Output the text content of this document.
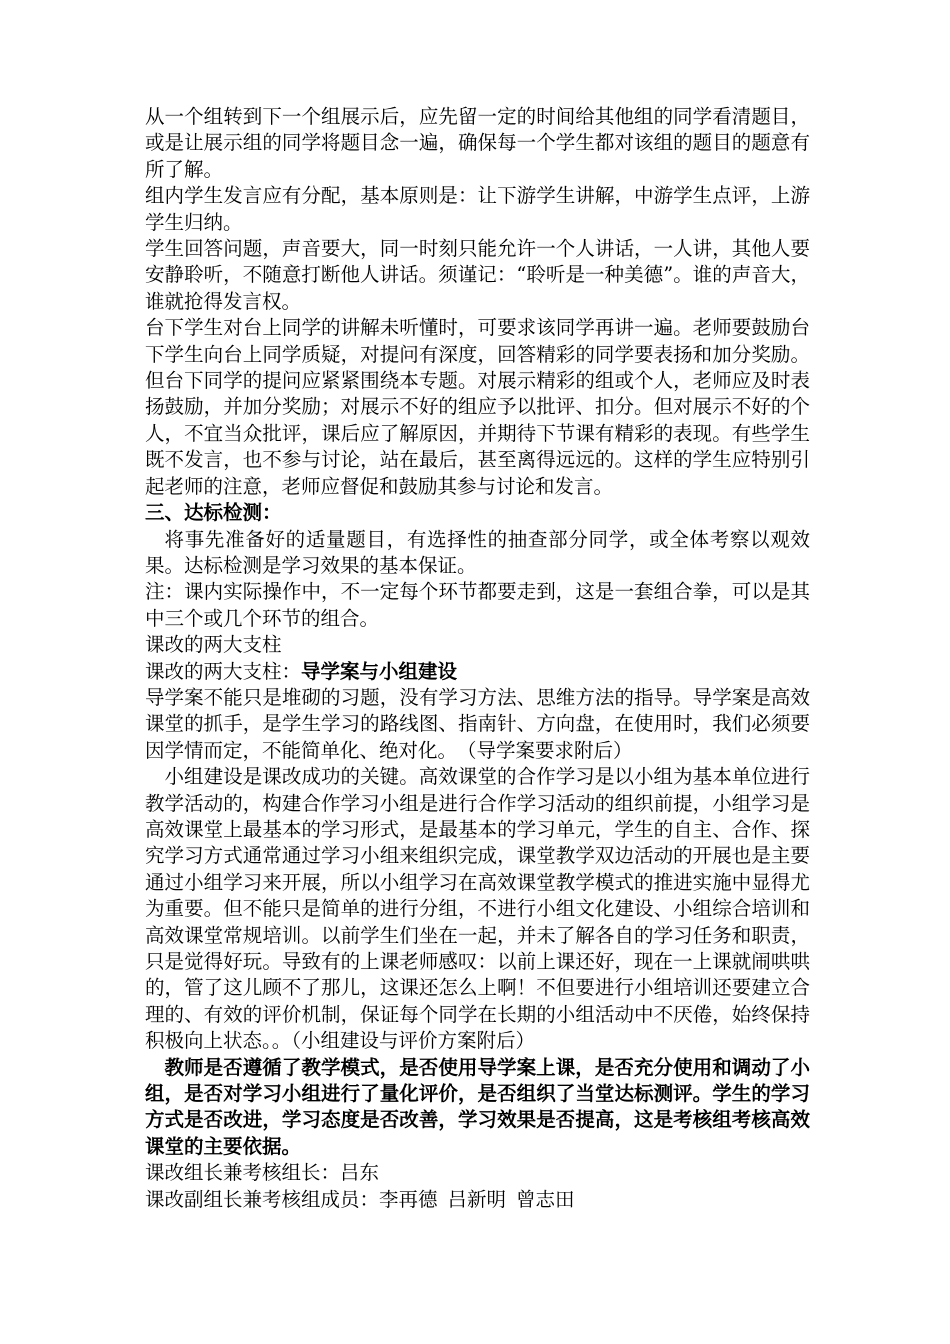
从一个组转到下一个组展示后，应先留一定的时间给其他组的同学看清题目，或是让展示组的同学将题目念一遍，确保每一个学生都对该组的题目的题意有所了解。

组内学生发言应有分配，基本原则是：让下游学生讲解，中游学生点评，上游学生归纳。

学生回答问题，声音要大，同一时刻只能允许一个人讲话，一人讲，其他人要安静聆听，不随意打断他人讲话。须谨记：“聆听是一种美德”。谁的声音大，谁就抢得发言权。

台下学生对台上同学的讲解未听懂时，可要求该同学再讲一遍。老师要鼓励台下学生向台上同学质疑，对提问有深度，回答精彩的同学要表扬和加分奖励。但台下同学的提问应紧紧围绕本专题。对展示精彩的组或个人，老师应及时表扬鼓励，并加分奖励；对展示不好的组应予以批评、扣分。但对展示不好的个人，不宜当众批评，课后应了解原因，并期待下节课有精彩的表现。有些学生既不发言，也不参与讨论，站在最后，甚至离得远远的。这样的学生应特别引起老师的注意，老师应督促和鼓励其参与讨论和发言。

三、达标检测：

将事先准备好的适量题目，有选择性的抽查部分同学，或全体考察以观效果。达标检测是学习效果的基本保证。

注：课内实际操作中，不一定每个环节都要走到，这是一套组合拳，可以是其中三个或几个环节的组合。

课改的两大支柱

课改的两大支柱：导学案与小组建设

导学案不能只是堆砌的习题，没有学习方法、思维方法的指导。导学案是高效课堂的抓手，是学生学习的路线图、指南针、方向盘，在使用时，我们必须要因学情而定，不能简单化、绝对化。　（导学案要求附后）

小组建设是课改成功的关键。高效课堂的合作学习是以小组为基本单位进行教学活动的，构建合作学习小组是进行合作学习活动的组织前提，小组学习是高效课堂上最基本的学习形式，是最基本的学习单元，学生的自主、合作、探究学习方式通常通过学习小组来组织完成，课堂教学双边活动的开展也是主要通过小组学习来开展，所以小组学习在高效课堂教学模式的推进实施中显得尤为重要。但不能只是简单的进行分组，不进行小组文化建设、小组综合培训和高效课堂常规培训。以前学生们坐在一起，并未了解各自的学习任务和职责，只是觉得好玩。导致有的上课老师感叹：以前上课还好，现在一上课就闹哄哄的，管了这儿顾不了那儿，这课还怎么上啊！不但要进行小组培训还要建立合理的、有效的评价机制，保证每个同学在长期的小组活动中不厌倦，始终保持积极向上状态。。（小组建设与评价方案附后）

教师是否遵循了教学模式，是否使用导学案上课，是否充分使用和调动了小组，是否对学习小组进行了量化评价，是否组织了当堂达标测评。学生的学习方式是否改进，学习态度是否改善，学习效果是否提高，这是考核组考核高效课堂的主要依据。

课改组长兼考核组长：吕东

课改副组长兼考核组成员：李再德 吕新明 曾志田
